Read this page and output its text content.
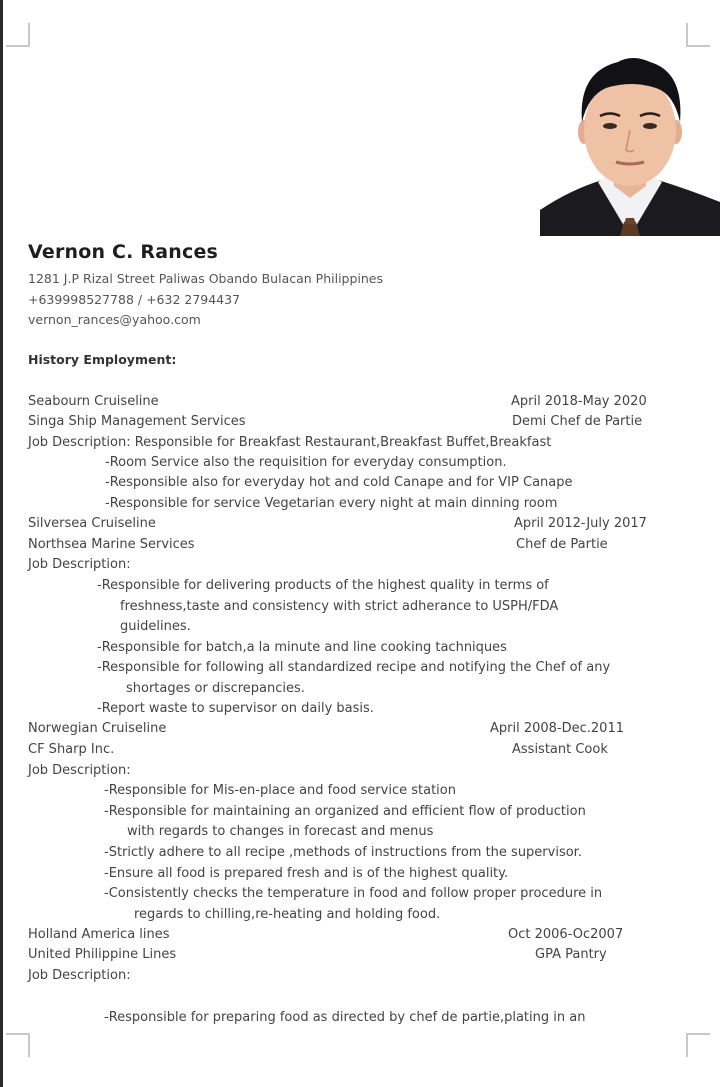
Vernon C. Rances
1281 J.P Rizal Street Paliwas Obando Bulacan Philippines
+639998527788 / +632 2794437
vernon_rances@yahoo.com
History Employment:
Seabourn Cruiseline	April 2018-May 2020
Singa Ship Management Services	Demi Chef de Partie
Job Description: Responsible for Breakfast Restaurant,Breakfast Buffet,Breakfast
-Room Service also the requisition for everyday consumption.
-Responsible also for everyday hot and cold Canape and for VIP Canape
-Responsible for service Vegetarian every night at main dinning room
Silversea Cruiseline	April 2012-July 2017
Northsea Marine Services	Chef de Partie
Job Description:
-Responsible for delivering products of the highest quality in terms of
freshness,taste and consistency with strict adherance to USPH/FDA
guidelines.
-Responsible for batch,a la minute and line cooking tachniques
-Responsible for following all standardized recipe and notifying the Chef of any
shortages or discrepancies.
-Report waste to supervisor on daily basis.
Norwegian Cruiseline	April 2008-Dec.2011
CF Sharp Inc.	Assistant Cook
Job Description:
-Responsible for Mis-en-place and food service station
-Responsible for maintaining an organized and efficient flow of production
with regards to changes in forecast and menus
-Strictly adhere to all recipe ,methods of instructions from the supervisor.
-Ensure all food is prepared fresh and is of the highest quality.
-Consistently checks the temperature in food and follow proper procedure in
regards to chilling,re-heating and holding food.
Holland America lines	Oct 2006-Oc2007
United Philippine Lines	GPA Pantry
Job Description:
-Responsible for preparing food as directed by chef de partie,plating in an
